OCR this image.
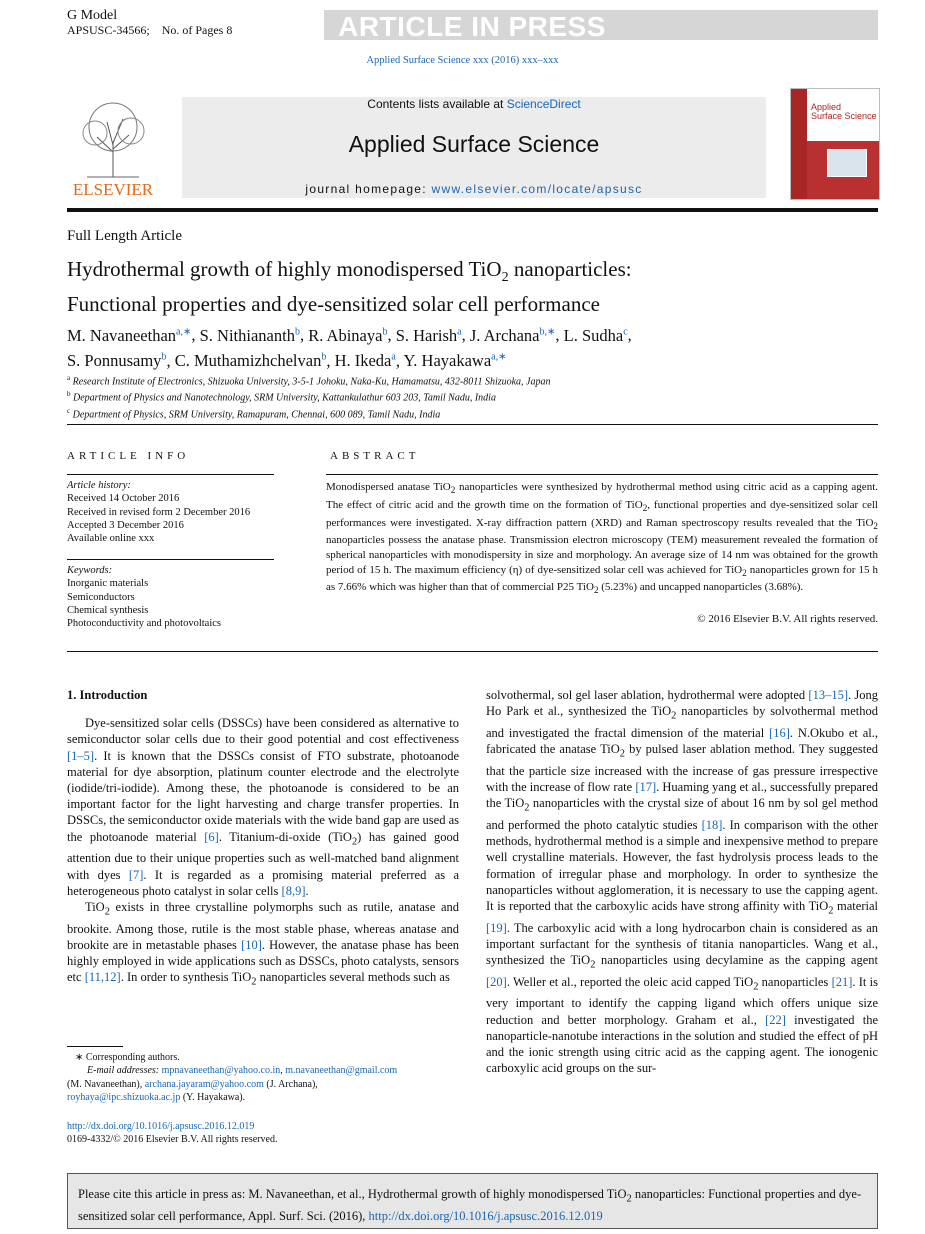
G Model
APSUSC-34566; No. of Pages 8	ARTICLE IN PRESS
Applied Surface Science xxx (2016) xxx–xxx
ELSEVIER
Contents lists available at ScienceDirect
Applied Surface Science
journal homepage: www.elsevier.com/locate/apsusc
Applied
Surface Science
Full Length Article
Hydrothermal growth of highly monodispersed TiO$_2$ nanoparticles:
Functional properties and dye-sensitized solar cell performance
M. Navaneethan$^{a,∗}$, S. Nithiananth$^b$, R. Abinaya$^b$, S. Harish$^a$, J. Archana$^{b,∗}$, L. Sudha$^c$,
S. Ponnusamy$^b$, C. Muthamizhchelvan$^b$, H. Ikeda$^a$, Y. Hayakawa$^{a,∗}$
$^a$ Research Institute of Electronics, Shizuoka University, 3-5-1 Johoku, Naka-Ku, Hamamatsu, 432-8011 Shizuoka, Japan
$^b$ Department of Physics and Nanotechnology, SRM University, Kattankulathur 603 203, Tamil Nadu, India
$^c$ Department of Physics, SRM University, Ramapuram, Chennai, 600 089, Tamil Nadu, India
ARTICLE INFO
Article history:
Received 14 October 2016
Received in revised form 2 December 2016
Accepted 3 December 2016
Available online xxx
Keywords:
Inorganic materials
Semiconductors
Chemical synthesis
Photoconductivity and photovoltaics
ABSTRACT
Monodispersed anatase TiO$_2$ nanoparticles were synthesized by hydrothermal method using citric acid as a capping agent. The effect of citric acid and the growth time on the formation of TiO$_2$, functional properties and dye-sensitized solar cell performances were investigated. X-ray diffraction pattern (XRD) and Raman spectroscopy results revealed that the TiO$_2$ nanoparticles possess the anatase phase. Transmission electron microscopy (TEM) measurement revealed the formation of spherical nanoparticles with monodispersity in size and morphology. An average size of 14 nm was obtained for the growth period of 15 h. The maximum efficiency (η) of dye-sensitized solar cell was achieved for TiO$_2$ nanoparticles grown for 15 h as 7.66% which was higher than that of commercial P25 TiO$_2$ (5.23%) and uncapped nanoparticles (3.68%).
© 2016 Elsevier B.V. All rights reserved.

1. Introduction

Dye-sensitized solar cells (DSSCs) have been considered as alternative to semiconductor solar cells due to their good potential and cost effectiveness [1–5]. It is known that the DSSCs consist of FTO substrate, photoanode material for dye absorption, platinum counter electrode and the electrolyte (iodide/tri-iodide). Among these, the photoanode is considered to be an important factor for the light harvesting and charge transfer properties. In DSSCs, the semiconductor oxide materials with the wide band gap are used as the photoanode material [6]. Titanium-di-oxide (TiO$_2$) has gained good attention due to their unique properties such as well-matched band alignment with dyes [7]. It is regarded as a promising material preferred as a heterogeneous photo catalyst in solar cells [8,9].

TiO$_2$ exists in three crystalline polymorphs such as rutile, anatase and brookite. Among those, rutile is the most stable phase, whereas anatase and brookite are in metastable phases [10]. However, the anatase phase has been highly employed in wide applications such as DSSCs, photo catalysts, sensors etc [11,12]. In order to synthesis TiO$_2$ nanoparticles several methods such as

solvothermal, sol gel laser ablation, hydrothermal were adopted [13–15]. Jong Ho Park et al., synthesized the TiO$_2$ nanoparticles by solvothermal method and investigated the fractal dimension of the material [16]. N.Okubo et al., fabricated the anatase TiO$_2$ by pulsed laser ablation method. They suggested that the particle size increased with the increase of gas pressure irrespective with the increase of flow rate [17]. Huaming yang et al., successfully prepared the TiO$_2$ nanoparticles with the crystal size of about 16 nm by sol gel method and performed the photo catalytic studies [18]. In comparison with the other methods, hydrothermal method is a simple and inexpensive method to prepare well crystalline materials. However, the fast hydrolysis process leads to the formation of irregular phase and morphology. In order to synthesize the nanoparticles without agglomeration, it is necessary to use the capping agent. It is reported that the carboxylic acids have strong affinity with TiO$_2$ material [19]. The carboxylic acid with a long hydrocarbon chain is considered as an important surfactant for the synthesis of titania nanoparticles. Wang et al., synthesized the TiO$_2$ nanoparticles using decylamine as the capping agent [20]. Weller et al., reported the oleic acid capped TiO$_2$ nanoparticles [21]. It is very important to identify the capping ligand which offers unique size reduction and better morphology. Graham et al., [22] investigated the nanoparticle-nanotube interactions in the solution and studied the effect of pH and the ionic strength using citric acid as the capping agent. The ionogenic carboxylic acid groups on the sur-

∗ Corresponding authors.
E-mail addresses: mpnavaneethan@yahoo.co.in, m.navaneethan@gmail.com
(M. Navaneethan), archana.jayaram@yahoo.com (J. Archana),
royhaya@ipc.shizuoka.ac.jp (Y. Hayakawa).
http://dx.doi.org/10.1016/j.apsusc.2016.12.019
0169-4332/© 2016 Elsevier B.V. All rights reserved.
Please cite this article in press as: M. Navaneethan, et al., Hydrothermal growth of highly monodispersed TiO$_2$ nanoparticles: Functional properties and dye-sensitized solar cell performance, Appl. Surf. Sci. (2016), http://dx.doi.org/10.1016/j.apsusc.2016.12.019
